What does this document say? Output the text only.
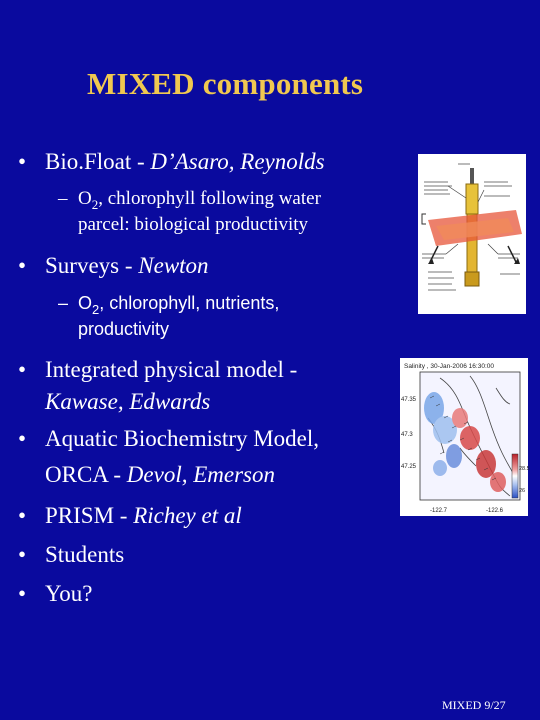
MIXED components
• Bio.Float - D’Asaro, Reynolds
– $O_2$, chlorophyll following water
parcel: biological productivity
• Surveys - Newton
– $O_2$, chlorophyll, nutrients,
productivity
• Integrated physical model -
Kawase, Edwards
• Aquatic Biochemistry Model,
ORCA - Devol, Emerson
• PRISM - Richey et al
• Students
• You?
Salinity , 30-Jan-2006 16:30:00
47.35
47.3
47.25
-122.7	-122.6
28.5
26
MIXED 9/27
